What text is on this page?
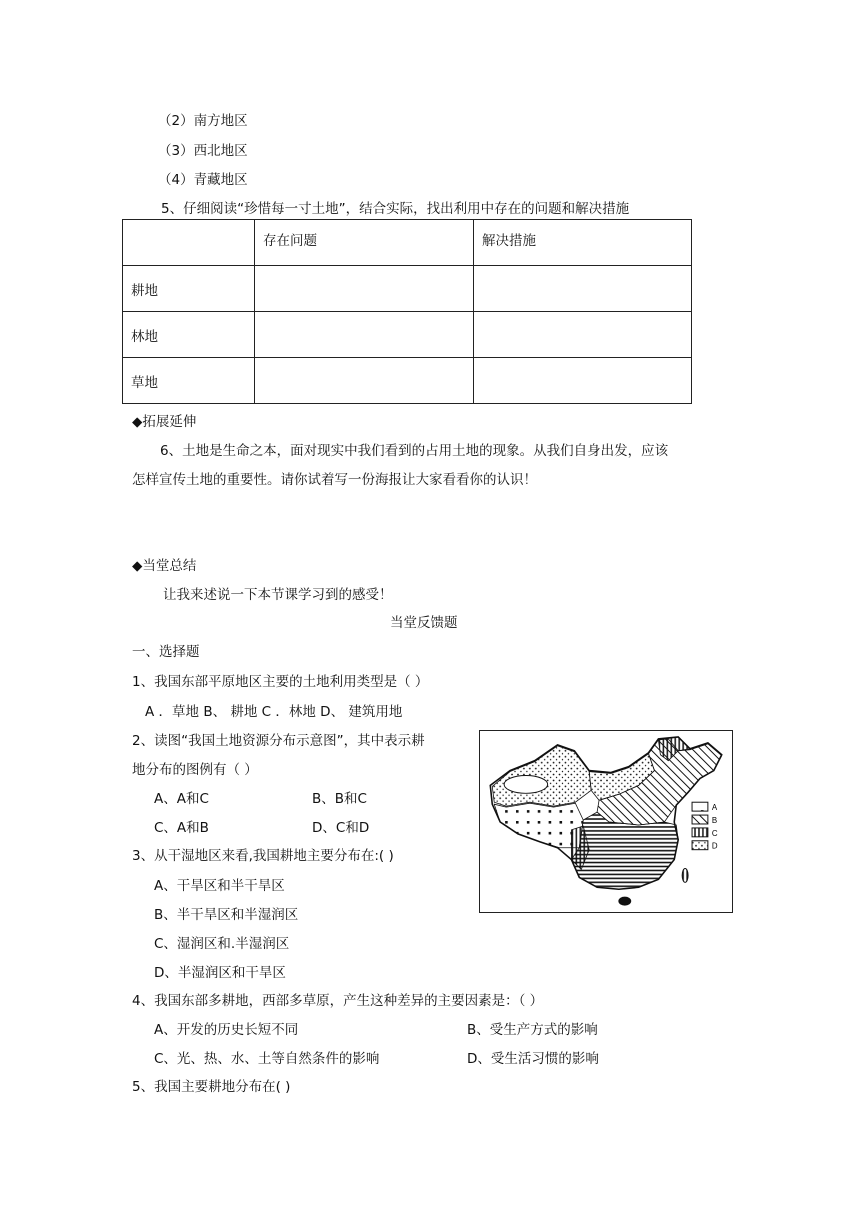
（2）南方地区
（3）西北地区
（4）青藏地区
5、仔细阅读“珍惜每一寸土地”，结合实际，找出利用中存在的问题和解决措施
	存在问题	解决措施
耕地		
林地		
草地		
◆拓展延伸
6、土地是生命之本，面对现实中我们看到的占用土地的现象。从我们自身出发，应该
怎样宣传土地的重要性。请你试着写一份海报让大家看看你的认识！
◆当堂总结
让我来述说一下本节课学习到的感受！
当堂反馈题
一、选择题
1、我国东部平原地区主要的土地利用类型是（ ）
A ．草地 B、 耕地 C ．林地 D、 建筑用地
2、读图“我国土地资源分布示意图”，其中表示耕
地分布的图例有（ ）
A、A和C	B、B和C
C、A和B	D、C和D
3、从干湿地区来看,我国耕地主要分布在:( )
A、干旱区和半干旱区
B、半干旱区和半湿润区
C、湿润区和.半湿润区
D、半湿润区和干旱区
4、我国东部多耕地，西部多草原，产生这种差异的主要因素是：（ ）
A、开发的历史长短不同	B、受生产方式的影响
C、光、热、水、土等自然条件的影响	D、受生活习惯的影响
5、我国主要耕地分布在( )
A
B
C
D
